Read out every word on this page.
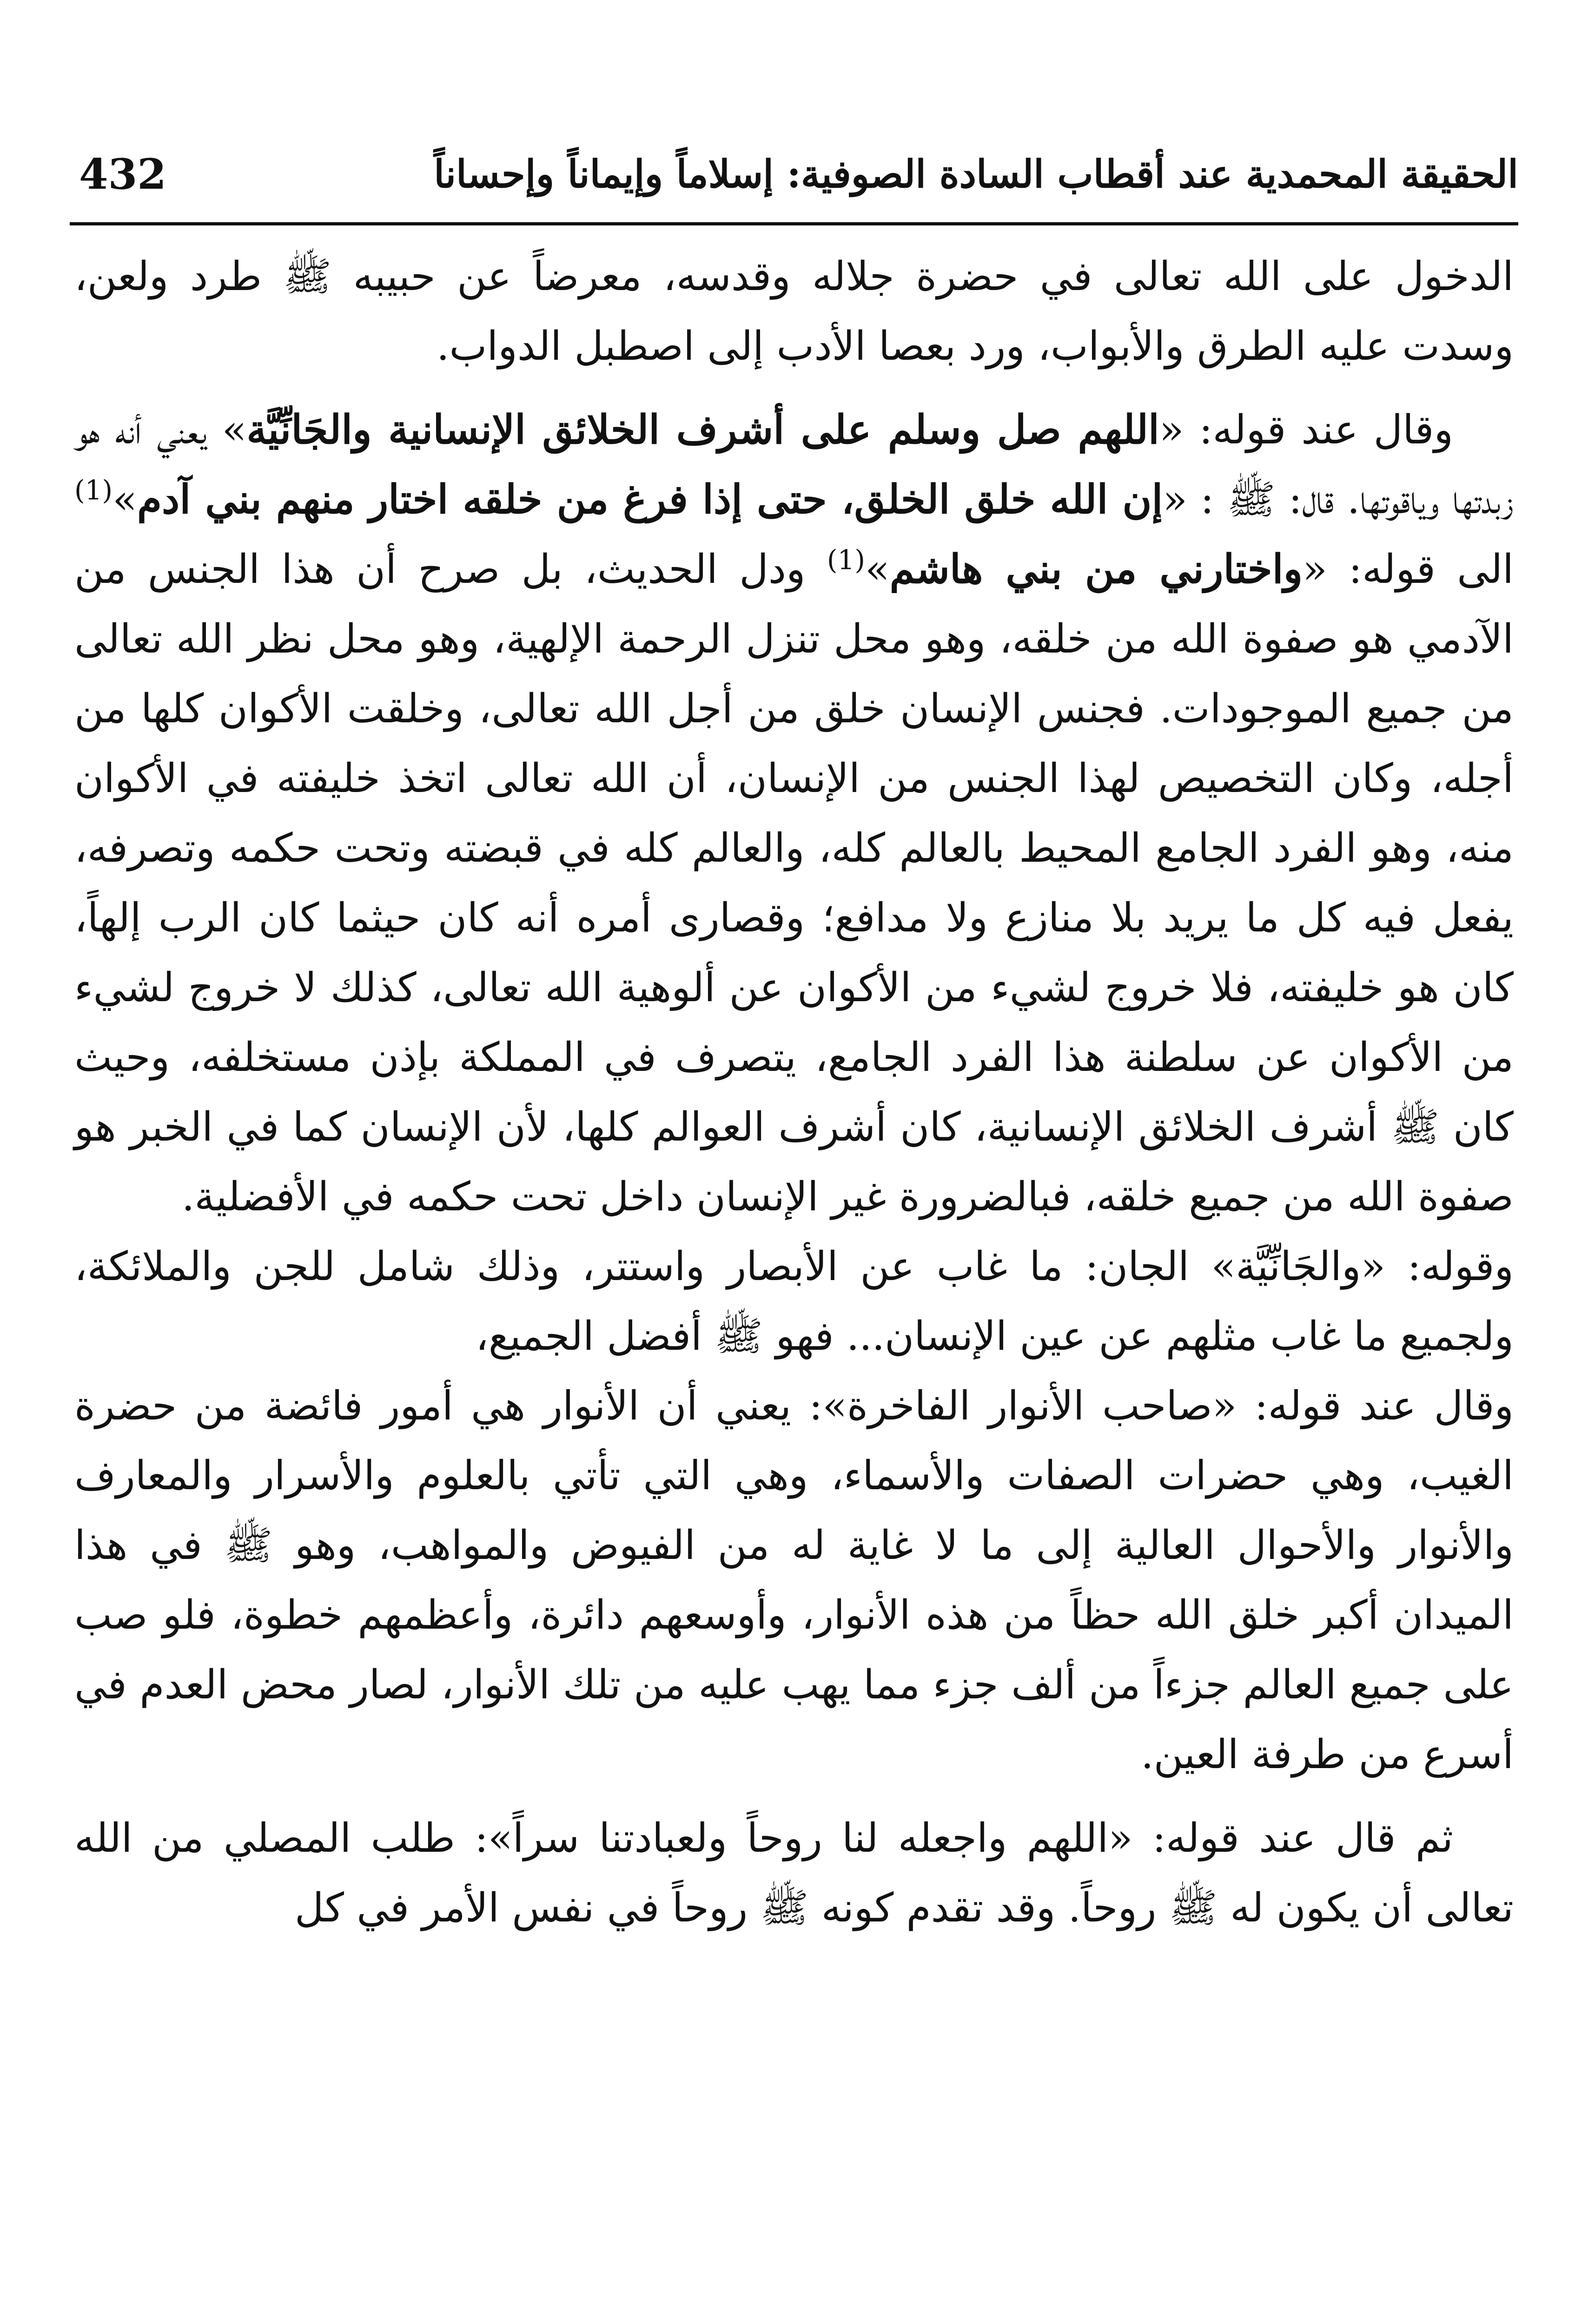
432	الحقيقة المحمدية عند أقطاب السادة الصوفية: إسلاماً وإيماناً وإحساناً

الدخول على الله تعالى في حضرة جلاله وقدسه، معرضاً عن حبيبه ﷺ طرد ولعن، وسدت عليه الطرق والأبواب، ورد بعصا الأدب إلى اصطبل الدواب.

وقال عند قوله: «اللهم صل وسلم على أشرف الخلائق الإنسانية والجَانِّيَّة» يعني أنه هو زبدتها وياقوتها. قال: ﷺ : «إن الله خلق الخلق، حتى إذا فرغ من خلقه اختار منهم بني آدم»$^{(1)}$ الى قوله: «واختارني من بني هاشم»$^{(1)}$ ودل الحديث، بل صرح أن هذا الجنس من الآدمي هو صفوة الله من خلقه، وهو محل تنزل الرحمة الإلهية، وهو محل نظر الله تعالى من جميع الموجودات. فجنس الإنسان خلق من أجل الله تعالى، وخلقت الأكوان كلها من أجله، وكان التخصيص لهذا الجنس من الإنسان، أن الله تعالى اتخذ خليفته في الأكوان منه، وهو الفرد الجامع المحيط بالعالم كله، والعالم كله في قبضته وتحت حكمه وتصرفه، يفعل فيه كل ما يريد بلا منازع ولا مدافع؛ وقصارى أمره أنه كان حيثما كان الرب إلهاً، كان هو خليفته، فلا خروج لشيء من الأكوان عن ألوهية الله تعالى، كذلك لا خروج لشيء من الأكوان عن سلطنة هذا الفرد الجامع، يتصرف في المملكة بإذن مستخلفه، وحيث كان ﷺ أشرف الخلائق الإنسانية، كان أشرف العوالم كلها، لأن الإنسان كما في الخبر هو صفوة الله من جميع خلقه، فبالضرورة غير الإنسان داخل تحت حكمه في الأفضلية.

وقوله: «والجَانِّيَّة» الجان: ما غاب عن الأبصار واستتر، وذلك شامل للجن والملائكة، ولجميع ما غاب مثلهم عن عين الإنسان... فهو ﷺ أفضل الجميع،

وقال عند قوله: «صاحب الأنوار الفاخرة»: يعني أن الأنوار هي أمور فائضة من حضرة الغيب، وهي حضرات الصفات والأسماء، وهي التي تأتي بالعلوم والأسرار والمعارف والأنوار والأحوال العالية إلى ما لا غاية له من الفيوض والمواهب، وهو ﷺ في هذا الميدان أكبر خلق الله حظاً من هذه الأنوار، وأوسعهم دائرة، وأعظمهم خطوة، فلو صب على جميع العالم جزءاً من ألف جزء مما يهب عليه من تلك الأنوار، لصار محض العدم في أسرع من طرفة العين.

ثم قال عند قوله: «اللهم واجعله لنا روحاً ولعبادتنا سراً»: طلب المصلي من الله تعالى أن يكون له ﷺ روحاً. وقد تقدم كونه ﷺ روحاً في نفس الأمر في كل
